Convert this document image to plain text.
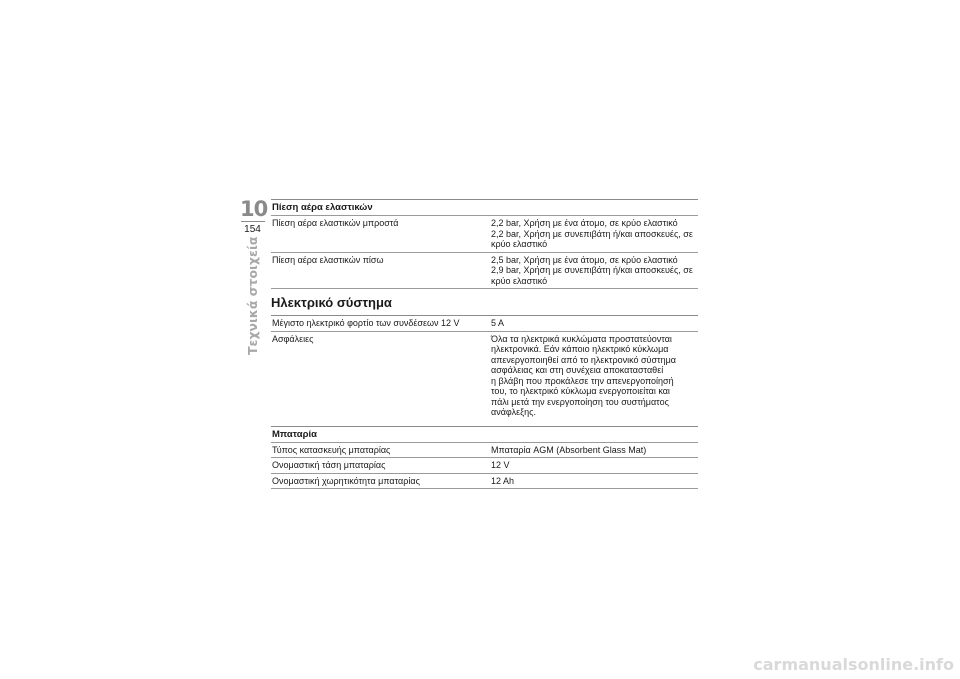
10
154
Τεχνικά στοιχεία
Πίεση αέρα ελαστικών
Πίεση αέρα ελαστικών μπροστά	2,2 bar, Χρήση με ένα άτομο, σε κρύο ελαστικό
2,2 bar, Χρήση με συνεπιβάτη ή/και αποσκευές, σε
κρύο ελαστικό
Πίεση αέρα ελαστικών πίσω	2,5 bar, Χρήση με ένα άτομο, σε κρύο ελαστικό
2,9 bar, Χρήση με συνεπιβάτη ή/και αποσκευές, σε
κρύο ελαστικό
Ηλεκτρικό σύστημα
Μέγιστο ηλεκτρικό φορτίο των συνδέσεων 12 V	5 A
Ασφάλειες	Όλα τα ηλεκτρικά κυκλώματα προστατεύονται
ηλεκτρονικά. Εάν κάποιο ηλεκτρικό κύκλωμα
απενεργοποιηθεί από το ηλεκτρονικό σύστημα
ασφάλειας και στη συνέχεια αποκατασταθεί
η βλάβη που προκάλεσε την απενεργοποίησή
του, το ηλεκτρικό κύκλωμα ενεργοποιείται και
πάλι μετά την ενεργοποίηση του συστήματος
ανάφλεξης.
Μπαταρία
Τύπος κατασκευής μπαταρίας	Μπαταρία AGM (Absorbent Glass Mat)
Ονομαστική τάση μπαταρίας	12 V
Ονομαστική χωρητικότητα μπαταρίας	12 Ah
carmanualsonline.info
